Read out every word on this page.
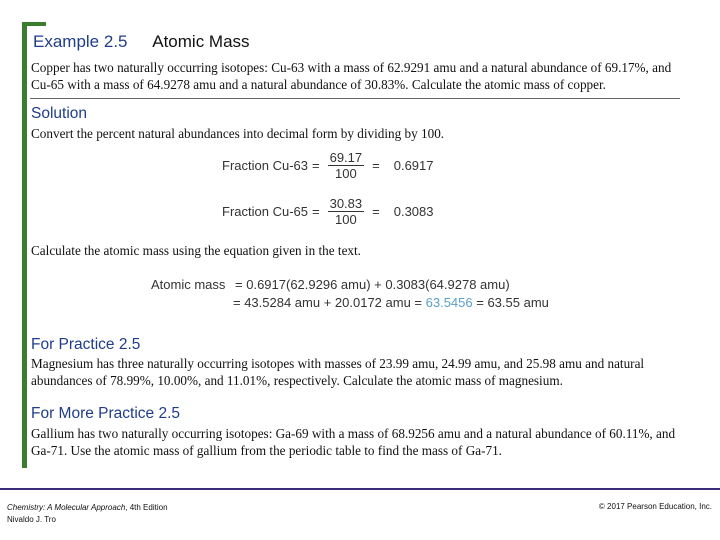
Example 2.5 Atomic Mass
Copper has two naturally occurring isotopes: Cu-63 with a mass of 62.9291 amu and a natural abundance of 69.17%, and Cu-65 with a mass of 64.9278 amu and a natural abundance of 30.83%. Calculate the atomic mass of copper.
Solution
Convert the percent natural abundances into decimal form by dividing by 100.
Fraction $Cu-63 = \frac{69.17}{100} = 0.6917$
Fraction $Cu-65 = \frac{30.83}{100} = 0.3083$
Calculate the atomic mass using the equation given in the text.
Atomic mass = 0.6917(62.9296 amu) + 0.3083(64.9278 amu)
= 43.5284 amu + 20.0172 amu = 63.5456 = 63.55 amu
For Practice 2.5
Magnesium has three naturally occurring isotopes with masses of 23.99 amu, 24.99 amu, and 25.98 amu and natural abundances of 78.99%, 10.00%, and 11.01%, respectively. Calculate the atomic mass of magnesium.
For More Practice 2.5
Gallium has two naturally occurring isotopes: Ga-69 with a mass of 68.9256 amu and a natural abundance of 60.11%, and Ga-71. Use the atomic mass of gallium from the periodic table to find the mass of Ga-71.
Chemistry: A Molecular Approach, 4th Edition
Nivaldo J. Tro
© 2017 Pearson Education, Inc.
